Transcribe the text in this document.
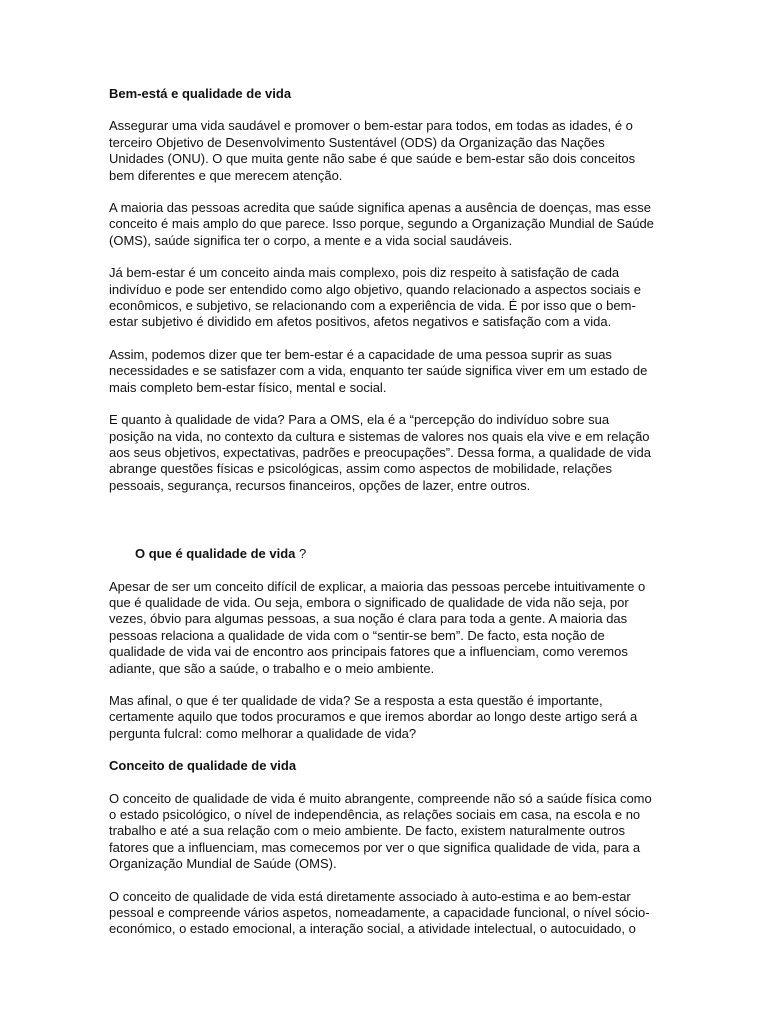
Bem-está e qualidade de vida
Assegurar uma vida saudável e promover o bem-estar para todos, em todas as idades, é o terceiro Objetivo de Desenvolvimento Sustentável (ODS) da Organização das Nações Unidades (ONU). O que muita gente não sabe é que saúde e bem-estar são dois conceitos bem diferentes e que merecem atenção.
A maioria das pessoas acredita que saúde significa apenas a ausência de doenças, mas esse conceito é mais amplo do que parece. Isso porque, segundo a Organização Mundial de Saúde (OMS), saúde significa ter o corpo, a mente e a vida social saudáveis.
Já bem-estar é um conceito ainda mais complexo, pois diz respeito à satisfação de cada indivíduo e pode ser entendido como algo objetivo, quando relacionado a aspectos sociais e econômicos, e subjetivo, se relacionando com a experiência de vida. É por isso que o bem-estar subjetivo é dividido em afetos positivos, afetos negativos e satisfação com a vida.
Assim, podemos dizer que ter bem-estar é a capacidade de uma pessoa suprir as suas necessidades e se satisfazer com a vida, enquanto ter saúde significa viver em um estado de mais completo bem-estar físico, mental e social.
E quanto à qualidade de vida? Para a OMS, ela é a “percepção do indivíduo sobre sua posição na vida, no contexto da cultura e sistemas de valores nos quais ela vive e em relação aos seus objetivos, expectativas, padrões e preocupações”. Dessa forma, a qualidade de vida abrange questões físicas e psicológicas, assim como aspectos de mobilidade, relações pessoais, segurança, recursos financeiros, opções de lazer, entre outros.
O que é qualidade de vida ?
Apesar de ser um conceito difícil de explicar, a maioria das pessoas percebe intuitivamente o que é qualidade de vida. Ou seja, embora o significado de qualidade de vida não seja, por vezes, óbvio para algumas pessoas, a sua noção é clara para toda a gente. A maioria das pessoas relaciona a qualidade de vida com o “sentir-se bem”. De facto, esta noção de qualidade de vida vai de encontro aos principais fatores que a influenciam, como veremos adiante, que são a saúde, o trabalho e o meio ambiente.
Mas afinal, o que é ter qualidade de vida? Se a resposta a esta questão é importante, certamente aquilo que todos procuramos e que iremos abordar ao longo deste artigo será a pergunta fulcral: como melhorar a qualidade de vida?
Conceito de qualidade de vida
O conceito de qualidade de vida é muito abrangente, compreende não só a saúde física como o estado psicológico, o nível de independência, as relações sociais em casa, na escola e no trabalho e até a sua relação com o meio ambiente. De facto, existem naturalmente outros fatores que a influenciam, mas comecemos por ver o que significa qualidade de vida, para a Organização Mundial de Saúde (OMS).
O conceito de qualidade de vida está diretamente associado à auto-estima e ao bem-estar pessoal e compreende vários aspetos, nomeadamente, a capacidade funcional, o nível sócio-económico, o estado emocional, a interação social, a atividade intelectual, o autocuidado, o
